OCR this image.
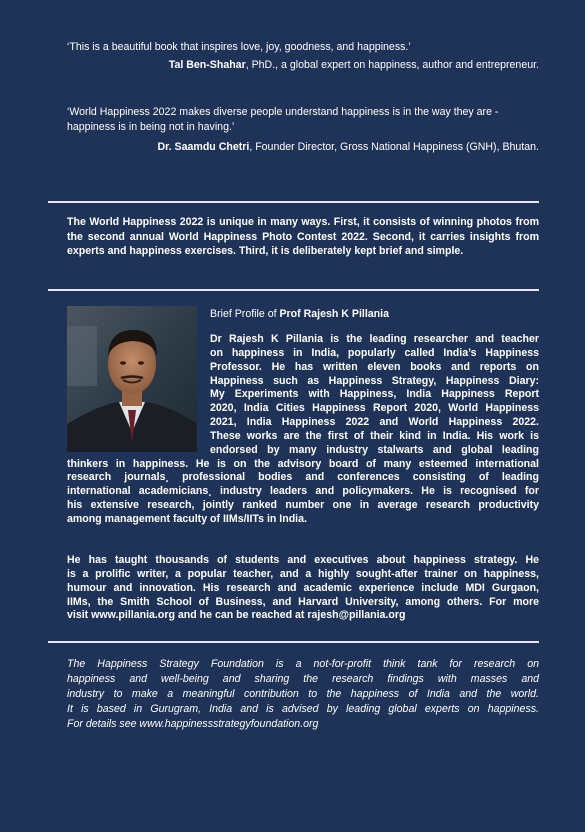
‘This is a beautiful book that inspires love, joy, goodness, and happiness.’
Tal Ben-Shahar, PhD., a global expert on happiness, author and entrepreneur.
‘World Happiness 2022 makes diverse people understand happiness is in the way they are - happiness is in being not in having.’
Dr. Saamdu Chetri, Founder Director, Gross National Happiness (GNH), Bhutan.
The World Happiness 2022 is unique in many ways. First, it consists of winning photos from the second annual World Happiness Photo Contest 2022. Second, it carries insights from experts and happiness exercises. Third, it is deliberately kept brief and simple.
Brief Profile of Prof Rajesh K Pillania
Dr Rajesh K Pillania is the leading researcher and teacher
on happiness in India, popularly called India’s Happiness
Professor. He has written eleven books and reports on
Happiness such as Happiness Strategy, Happiness Diary:
My Experiments with Happiness, India Happiness Report
2020, India Cities Happiness Report 2020, World Happiness
2021, India Happiness 2022 and World Happiness 2022.
These works are the first of their kind in India. His work is
endorsed by many industry stalwarts and global leading
thinkers in happiness. He is on the advisory board of many esteemed international
research journals¸ professional bodies and conferences consisting of leading
international academicians¸ industry leaders and policymakers. He is recognised for
his extensive research, jointly ranked number one in average research productivity
among management faculty of IIMs/IITs in India.
He has taught thousands of students and executives about happiness strategy. He
is a prolific writer, a popular teacher, and a highly sought-after trainer on happiness,
humour and innovation. His research and academic experience include MDI Gurgaon,
IIMs, the Smith School of Business, and Harvard University, among others. For more
visit www.pillania.org and he can be reached at rajesh@pillania.org
The Happiness Strategy Foundation is a not-for-profit think tank for research on
happiness and well-being and sharing the research findings with masses and
industry to make a meaningful contribution to the happiness of India and the world.
It is based in Gurugram, India and is advised by leading global experts on happiness.
For details see www.happinessstrategyfoundation.org
